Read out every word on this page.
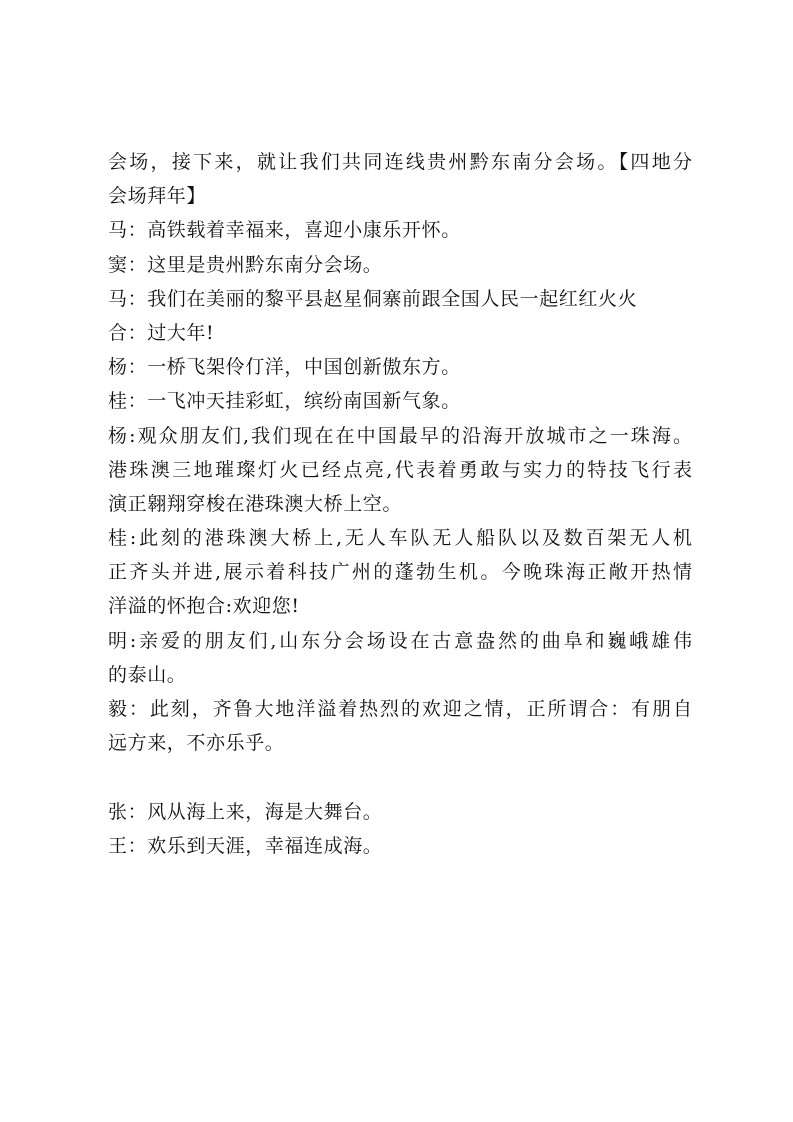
会场，接下来，就让我们共同连线贵州黔东南分会场。【四地分
会场拜年】
马：高铁载着幸福来，喜迎小康乐开怀。
窦：这里是贵州黔东南分会场。
马：我们在美丽的黎平县赵星侗寨前跟全国人民一起红红火火
合：过大年!
杨：一桥飞架伶仃洋，中国创新傲东方。
桂：一飞冲天挂彩虹，缤纷南国新气象。
杨:观众朋友们,我们现在在中国最早的沿海开放城市之一珠海。
港珠澳三地璀璨灯火已经点亮,代表着勇敢与实力的特技飞行表
演正翱翔穿梭在港珠澳大桥上空。
桂:此刻的港珠澳大桥上,无人车队无人船队以及数百架无人机
正齐头并进,展示着科技广州的蓬勃生机。今晚珠海正敞开热情
洋溢的怀抱合:欢迎您!
明:亲爱的朋友们,山东分会场设在古意盎然的曲阜和巍峨雄伟
的泰山。
毅：此刻，齐鲁大地洋溢着热烈的欢迎之情，正所谓合：有朋自
远方来，不亦乐乎。
张：风从海上来，海是大舞台。
王：欢乐到天涯，幸福连成海。
